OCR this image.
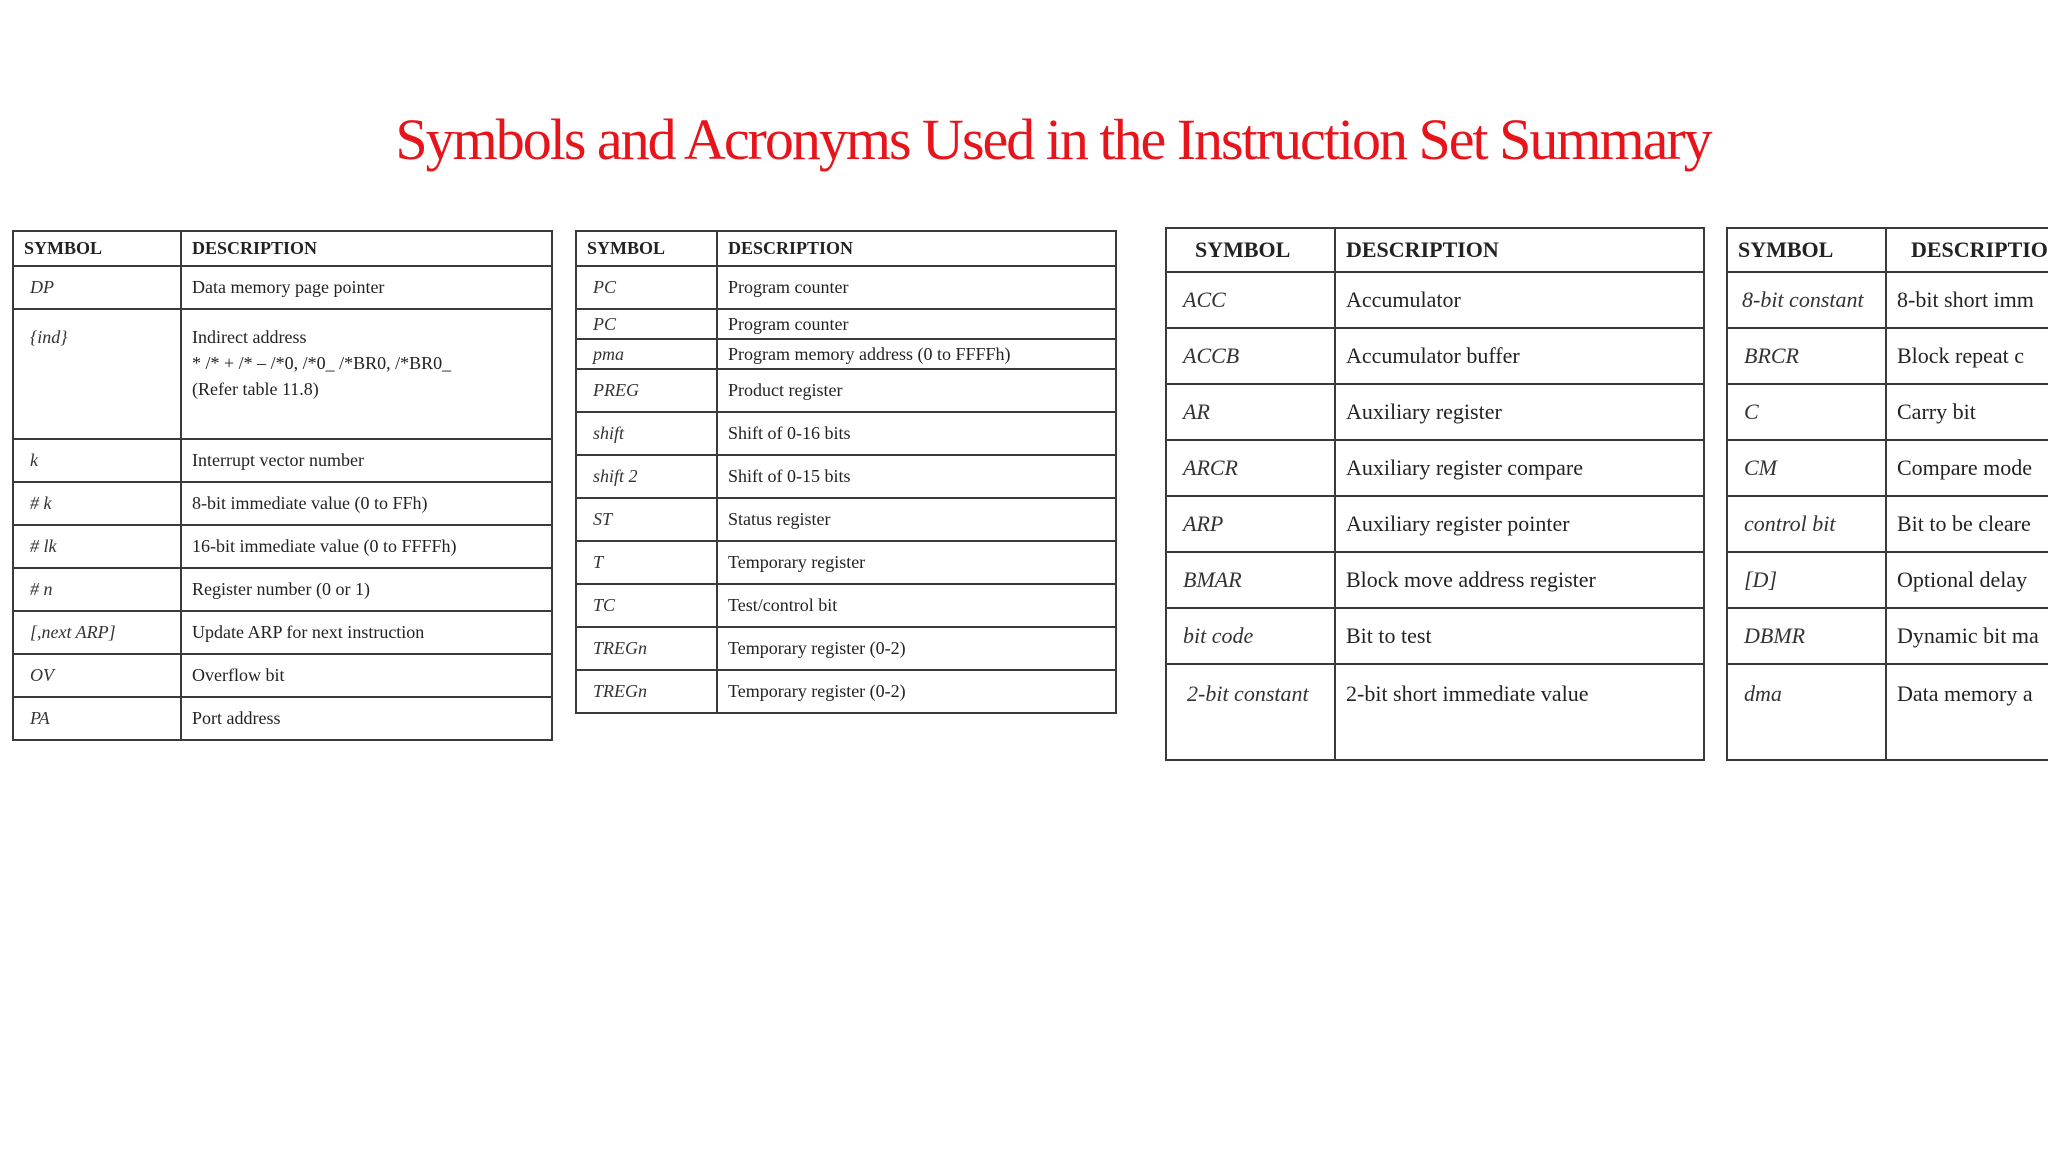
Symbols and Acronyms Used in the Instruction Set Summary
SYMBOL	DESCRIPTION
DP	Data memory page pointer
{ind}	Indirect address
* /* + /* – /*0, /*0_ /*BR0, /*BR0_
(Refer table 11.8)

k	Interrupt vector number
# k	8-bit immediate value (0 to FFh)
# lk	16-bit immediate value (0 to FFFFh)
# n	Register number (0 or 1)
[,next ARP]	Update ARP for next instruction
OV	Overflow bit
PA	Port address
SYMBOL	DESCRIPTION
PC	Program counter
PC	Program counter
pma	Program memory address (0 to FFFFh)
PREG	Product register
shift	Shift of 0-16 bits
shift 2	Shift of 0-15 bits
ST	Status register
T	Temporary register
TC	Test/control bit
TREGn	Temporary register (0-2)
TREGn	Temporary register (0-2)
SYMBOL	DESCRIPTION
ACC	Accumulator
ACCB	Accumulator buffer
AR	Auxiliary register
ARCR	Auxiliary register compare
ARP	Auxiliary register pointer
BMAR	Block move address register
bit code	Bit to test
2-bit constant	2-bit short immediate value
SYMBOL	DESCRIPTIO
8-bit constant	8-bit short imm
BRCR	Block repeat c
C	Carry bit
CM	Compare mode
control bit	Bit to be cleare
[D]	Optional delay
DBMR	Dynamic bit ma
dma	Data memory a
